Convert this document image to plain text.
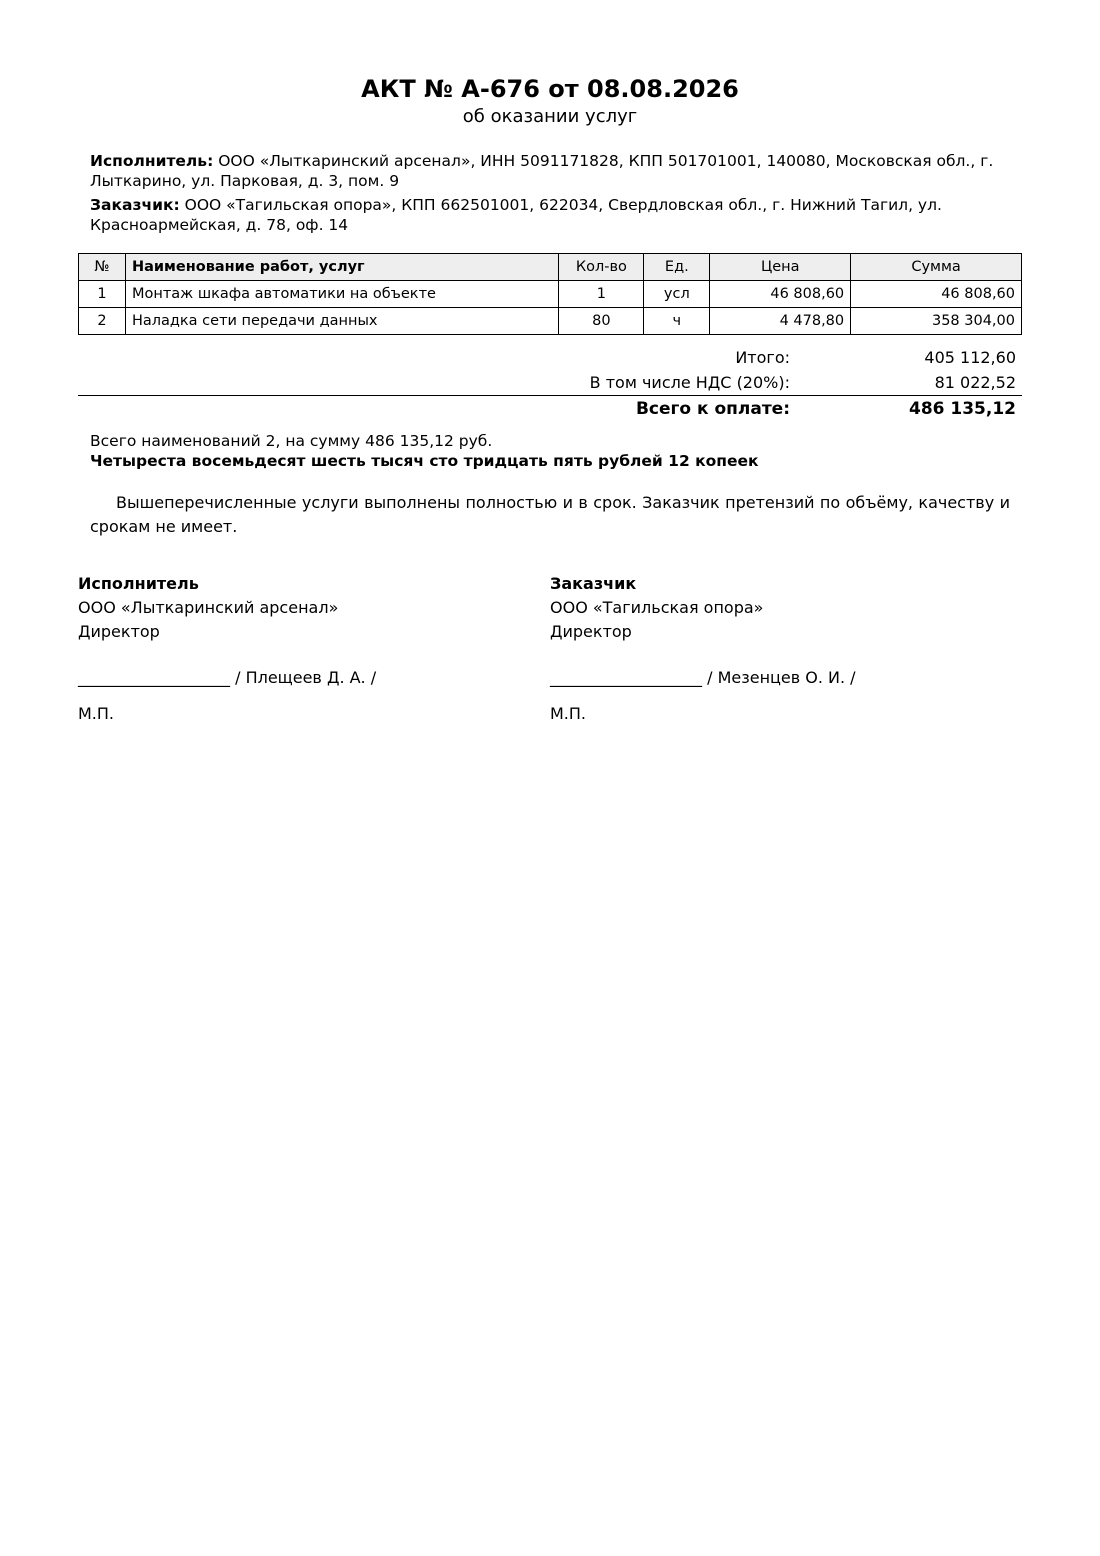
АКТ № А-676 от 08.08.2026
об оказании услуг
Исполнитель: ООО «Лыткаринский арсенал», ИНН 5091171828, КПП 501701001, 140080, Московская обл., г. Лыткарино, ул. Парковая, д. 3, пом. 9
Заказчик: ООО «Тагильская опора», КПП 662501001, 622034, Свердловская обл., г. Нижний Тагил, ул. Красноармейская, д. 78, оф. 14
№	Наименование работ, услуг	Кол-во	Ед.	Цена	Сумма
1	Монтаж шкафа автоматики на объекте	1	усл	46 808,60	46 808,60
2	Наладка сети передачи данных	80	ч	4 478,80	358 304,00
Итого:	405 112,60
В том числе НДС (20%):	81 022,52
Всего к оплате:	486 135,12
Всего наименований 2, на сумму 486 135,12 руб.
Четыреста восемьдесят шесть тысяч сто тридцать пять рублей 12 копеек
Вышеперечисленные услуги выполнены полностью и в срок. Заказчик претензий по объёму, качеству и срокам не имеет.
Исполнитель
ООО «Лыткаринский арсенал»
Директор
___________________ / Плещеев Д. А. /
М.П.
Заказчик
ООО «Тагильская опора»
Директор
___________________ / Мезенцев О. И. /
М.П.
